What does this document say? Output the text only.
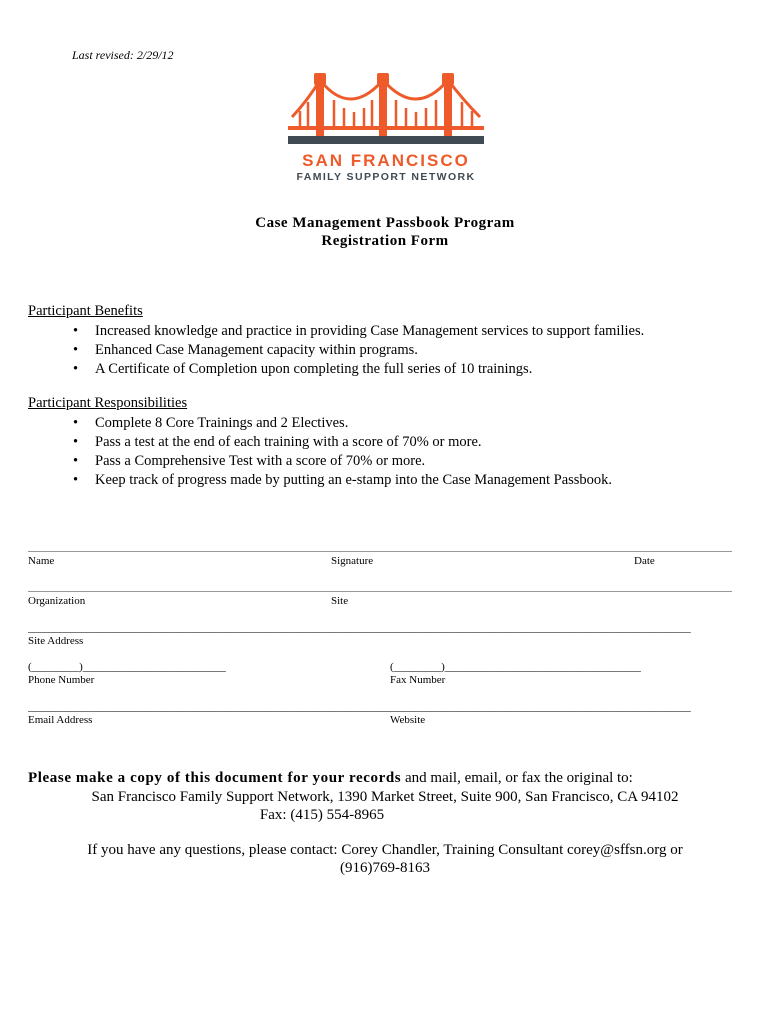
Last revised: 2/29/12
SAN FRANCISCO
FAMILY SUPPORT NETWORK
Case Management Passbook Program
Registration Form
Participant Benefits
• Increased knowledge and practice in providing Case Management services to support families.
• Enhanced Case Management capacity within programs.
• A Certificate of Completion upon completing the full series of 10 trainings.
Participant Responsibilities
• Complete 8 Core Trainings and 2 Electives.
• Pass a test at the end of each training with a score of 70% or more.
• Pass a Comprehensive Test with a score of 70% or more.
• Keep track of progress made by putting an e-stamp into the Case Management Passbook.
Name	Signature	Date
Organization	Site
_____________________________________________________________________________________________________________________________
Site Address
(_________)___________________________	(_________)_____________________________________
Phone Number	Fax Number
_____________________________________________________________________________________________________________________________
Email Address	Website
Please make a copy of this document for your records and mail, email, or fax the original to:
San Francisco Family Support Network, 1390 Market Street, Suite 900, San Francisco, CA 94102
Fax: (415) 554-8965
If you have any questions, please contact: Corey Chandler, Training Consultant corey@sffsn.org or
(916)769-8163
